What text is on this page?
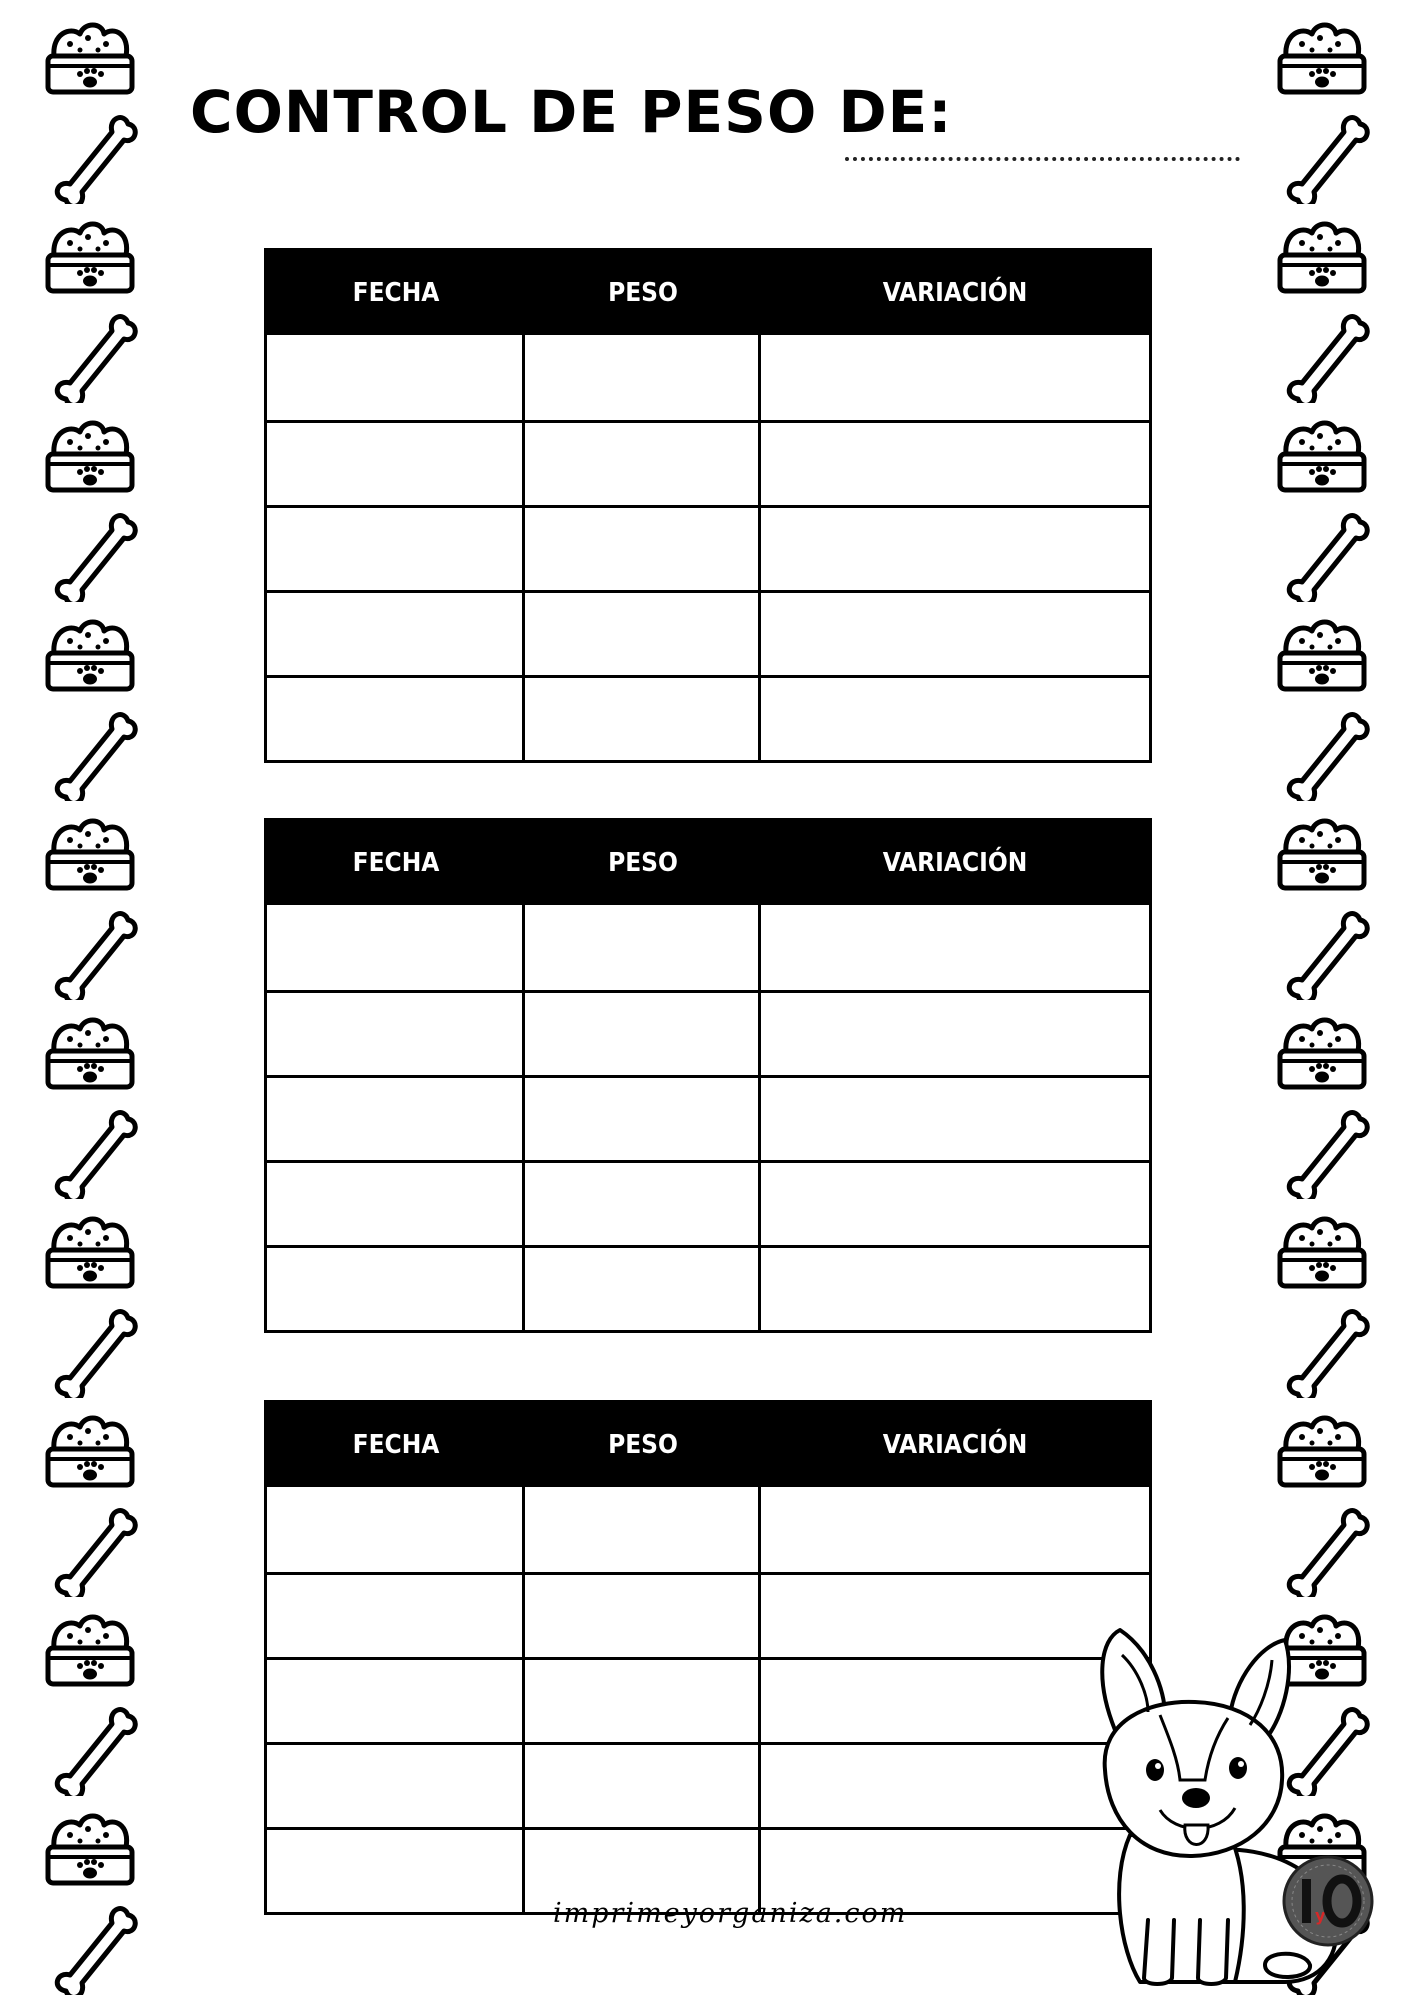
CONTROL DE PESO DE:
FECHA	PESO	VARIACIÓN
FECHA	PESO	VARIACIÓN
FECHA	PESO	VARIACIÓN
y
imprimeyorganiza.com
